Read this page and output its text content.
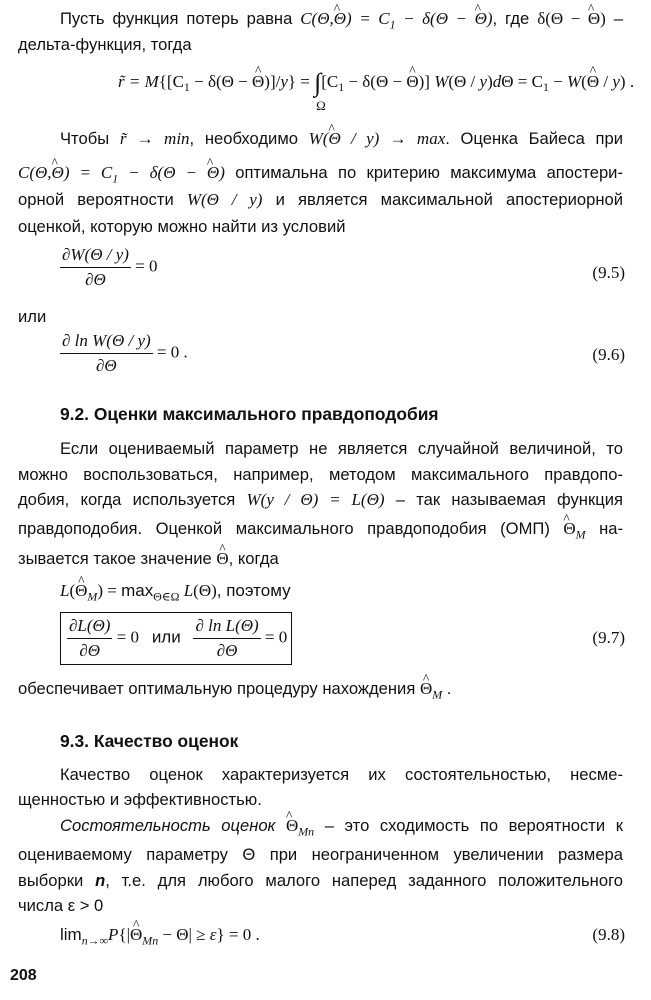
Пусть функция потерь равна C(Θ,^ $\Theta) = C_1 - \delta(\Theta$ − ^ Θ), где δ(Θ − ^ Θ) –
дельта-функция, тогда
r̃ = $M\{[C_1 - \delta(\Theta$ − ^ Θ)]/y} = ∫
Ω
[$C_1 - \delta(\Theta$ − ^ Θ)] $W(\Theta / y)d\Theta = C_1$ − W(^ Θ / y) .
Чтобы r̃ → min, необходимо W(^ Θ / y) → max. Оценка Байеса при
C(Θ,^ $\Theta) = C_1 - \delta(\Theta$ − ^ Θ) оптимальна по критерию максимума апостери-
орной вероятности W(Θ / y) и является максимальной апостериорной
оценкой, которую можно найти из условий
$\frac{\partial W(\Theta / y)}{\partial\Theta} = 0$	(9.5)
или
$\frac{\text{∂ ln W(Θ / y)}}{\partial\Theta} = 0$ .	(9.6)
9.2. Оценки максимального правдоподобия
Если оцениваемый параметр не является случайной величиной, то
можно воспользоваться, например, методом максимального правдопо-
добия, когда используется W(y / Θ) = L(Θ) – так называемая функция
правдоподобия. Оценкой максимального правдоподобия (ОМП) ^ $\Theta_M$ на-
зывается такое значение ^ Θ, когда
L(^ $\Theta_M) = \max_{\Theta\in\Omega} L(\Theta)$, поэтому
$\frac{\partial L(\Theta)}{\partial\Theta} = 0$   или $\frac{\text{∂ ln L(Θ)}}{\partial\Theta} = 0$	(9.7)
обеспечивает оптимальную процедуру нахождения ^ $\Theta_M$ .
9.3. Качество оценок
Качество оценок характеризуется их состоятельностью, несме-
щенностью и эффективностью.
Состоятельность оценок ^ $\Theta_{Mn}$ – это сходимость по вероятности к
оцениваемому параметру Θ при неограниченном увеличении размера
выборки n, т.е. для любого малого наперед заданного положительного
числа ε > 0
$\lim_{n\to\infty}P\{|\^{}$ $\Theta_{Mn} - \Theta| \ge \varepsilon\} = 0$ .	(9.8)
208
